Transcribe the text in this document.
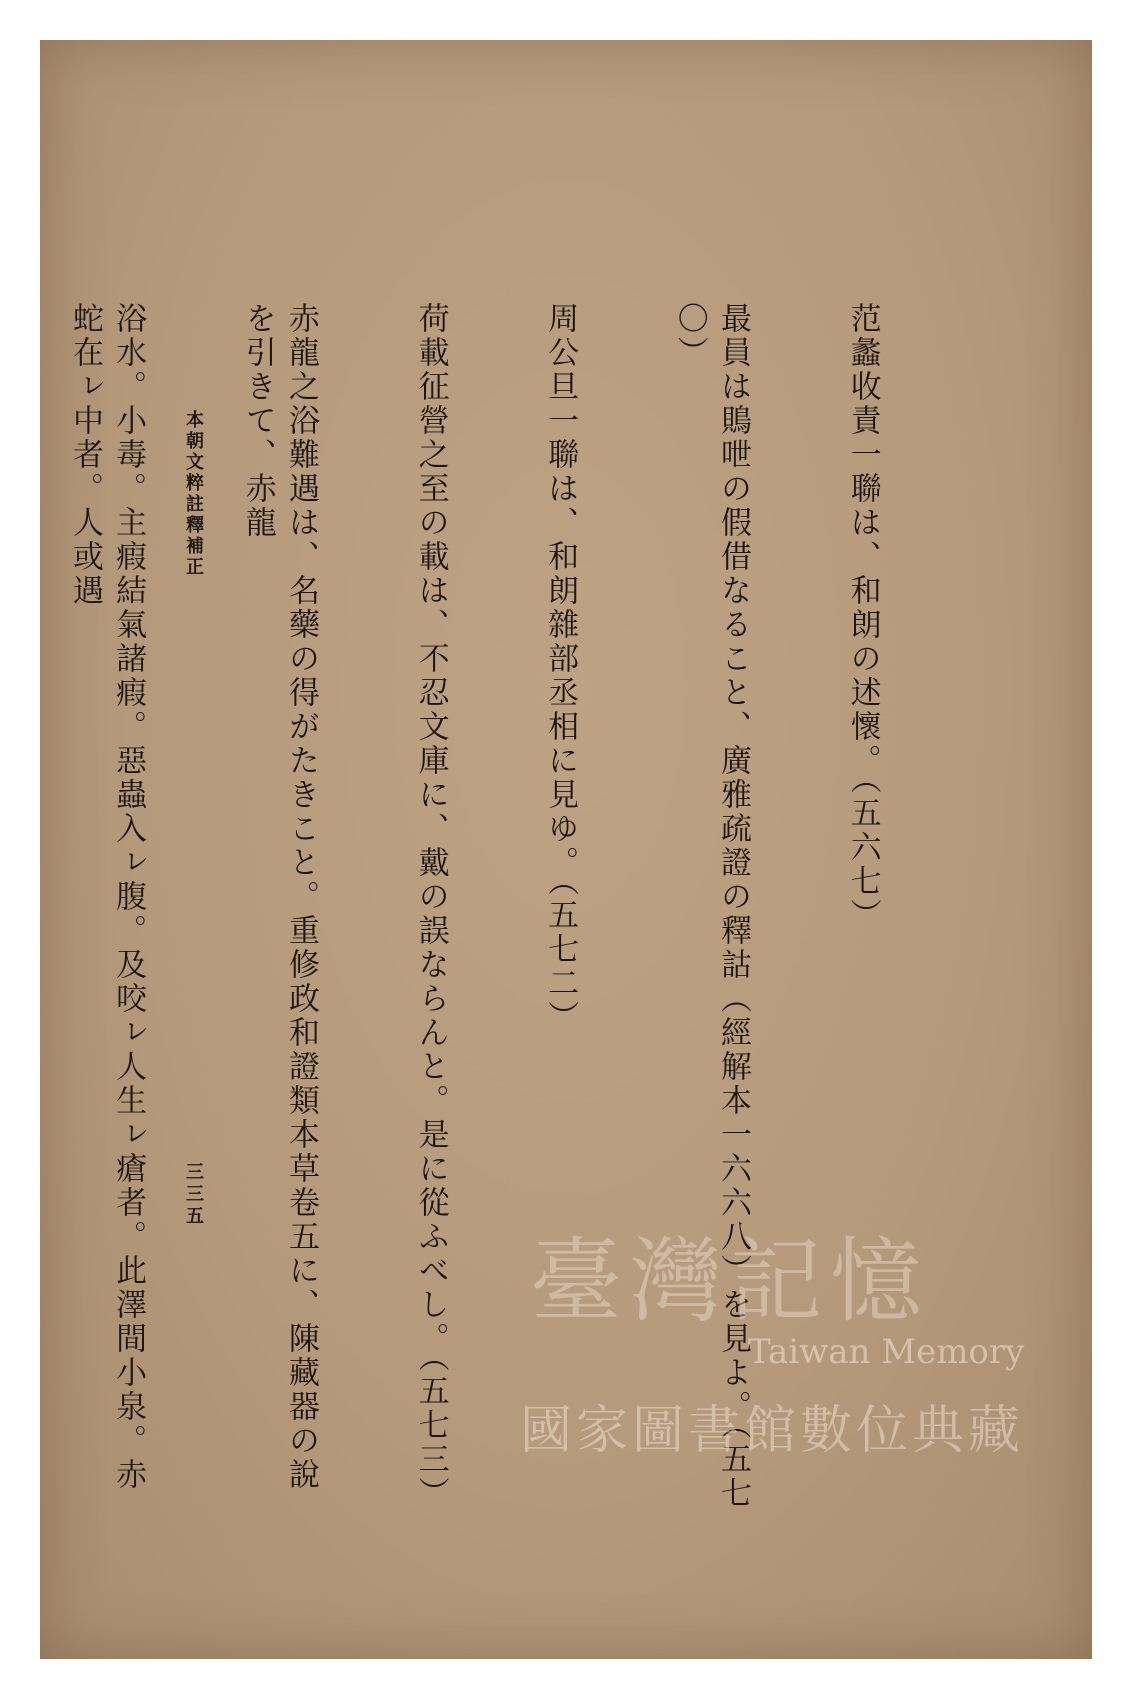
范蠡收責一聯は、和朗の述懷。（五六七）

最員は鵙呭の假借なること、廣雅疏證の釋詁（經解本一六六八）を見よ。（五七〇）

周公旦一聯は、和朗雜部丞相に見ゆ。（五七二）

荷載征營之至の載は、不忍文庫に、戴の誤ならんと。是に從ふべし。（五七三）

赤龍之浴難遇は、名藥の得がたきこと。重修政和證類本草卷五に、陳藏器の說を引きて、赤龍

浴水。小毒。主瘕結氣諸瘕。惡蟲入ㇾ腹。及咬ㇾ人生ㇾ瘡者。此澤間小泉。赤蛇在ㇾ中者。人或遇

	本朝文粹註釋補正
三三五
臺灣記憶
Taiwan Memory
國家圖書館數位典藏
